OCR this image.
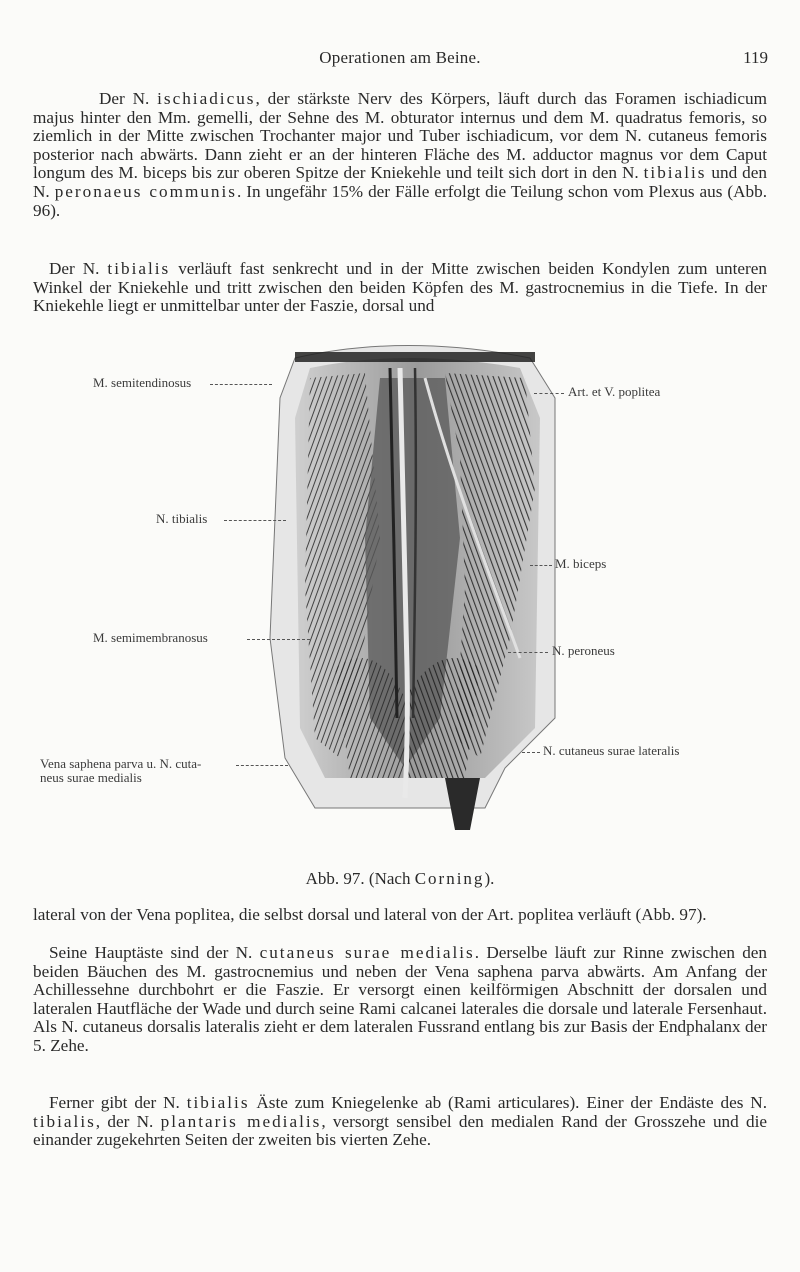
Operationen am Beine.	119

Der N. ischiadicus, der stärkste Nerv des Körpers, läuft durch das Foramen ischiadicum majus hinter den Mm. gemelli, der Sehne des M. obturator internus und dem M. quadratus femoris, so ziemlich in der Mitte zwischen Trochanter major und Tuber ischiadicum, vor dem N. cutaneus femoris posterior nach abwärts. Dann zieht er an der hinteren Fläche des M. adductor magnus vor dem Caput longum des M. biceps bis zur oberen Spitze der Kniekehle und teilt sich dort in den N. tibialis und den N. peronaeus communis. In ungefähr 15% der Fälle erfolgt die Teilung schon vom Plexus aus (Abb. 96).

Der N. tibialis verläuft fast senkrecht und in der Mitte zwischen beiden Kondylen zum unteren Winkel der Kniekehle und tritt zwischen den beiden Köpfen des M. gastrocnemius in die Tiefe. In der Kniekehle liegt er unmittelbar unter der Faszie, dorsal und

M. semitendinosus
N. tibialis
M. semimembranosus
Vena saphena parva u. N. cuta-
neus surae medialis
Art. et V. poplitea
M. biceps
N. peroneus
N. cutaneus surae lateralis
Abb. 97. (Nach Corning).

lateral von der Vena poplitea, die selbst dorsal und lateral von der Art. poplitea verläuft (Abb. 97).

Seine Hauptäste sind der N. cutaneus surae medialis. Derselbe läuft zur Rinne zwischen den beiden Bäuchen des M. gastrocnemius und neben der Vena saphena parva abwärts. Am Anfang der Achillessehne durchbohrt er die Faszie. Er versorgt einen keilförmigen Abschnitt der dorsalen und lateralen Hautfläche der Wade und durch seine Rami calcanei laterales die dorsale und laterale Fersenhaut. Als N. cutaneus dorsalis lateralis zieht er dem lateralen Fussrand entlang bis zur Basis der Endphalanx der 5. Zehe.

Ferner gibt der N. tibialis Äste zum Kniegelenke ab (Rami articulares). Einer der Endäste des N. tibialis, der N. plantaris medialis, versorgt sensibel den medialen Rand der Grosszehe und die einander zugekehrten Seiten der zweiten bis vierten Zehe.
